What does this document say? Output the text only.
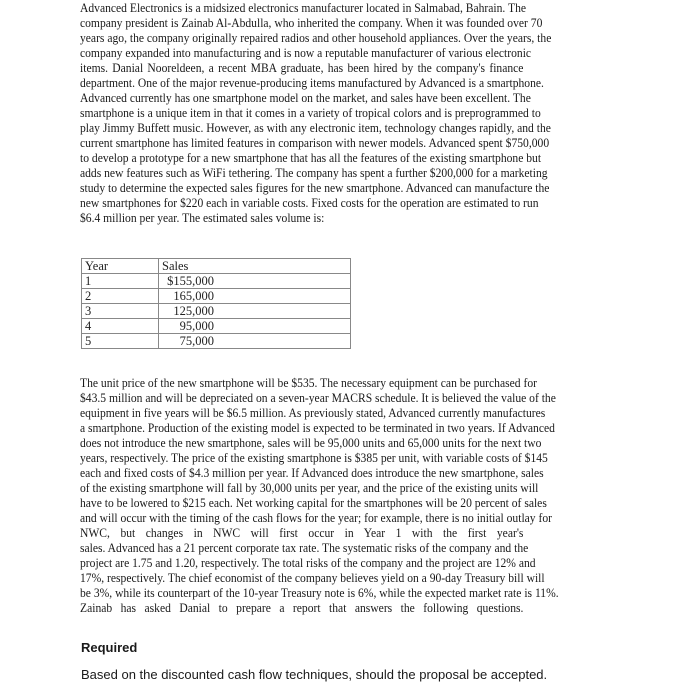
Advanced Electronics is a midsized electronics manufacturer located in Salmabad, Bahrain. The
company president is Zainab Al-Abdulla, who inherited the company. When it was founded over 70
years ago, the company originally repaired radios and other household appliances. Over the years, the
company expanded into manufacturing and is now a reputable manufacturer of various electronic
items. Danial Nooreldeen, a recent MBA graduate, has been hired by the company's finance
department. One of the major revenue-producing items manufactured by Advanced is a smartphone.
Advanced currently has one smartphone model on the market, and sales have been excellent. The
smartphone is a unique item in that it comes in a variety of tropical colors and is preprogrammed to
play Jimmy Buffett music. However, as with any electronic item, technology changes rapidly, and the
current smartphone has limited features in comparison with newer models. Advanced spent $750,000
to develop a prototype for a new smartphone that has all the features of the existing smartphone but
adds new features such as WiFi tethering. The company has spent a further $200,000 for a marketing
study to determine the expected sales figures for the new smartphone. Advanced can manufacture the
new smartphones for $220 each in variable costs. Fixed costs for the operation are estimated to run
$6.4 million per year. The estimated sales volume is:
Year	Sales
1	$155,000
2	165,000
3	125,000
4	95,000
5	75,000
The unit price of the new smartphone will be $535. The necessary equipment can be purchased for
$43.5 million and will be depreciated on a seven-year MACRS schedule. It is believed the value of the
equipment in five years will be $6.5 million. As previously stated, Advanced currently manufactures
a smartphone. Production of the existing model is expected to be terminated in two years. If Advanced
does not introduce the new smartphone, sales will be 95,000 units and 65,000 units for the next two
years, respectively. The price of the existing smartphone is $385 per unit, with variable costs of $145
each and fixed costs of $4.3 million per year. If Advanced does introduce the new smartphone, sales
of the existing smartphone will fall by 30,000 units per year, and the price of the existing units will
have to be lowered to $215 each. Net working capital for the smartphones will be 20 percent of sales
and will occur with the timing of the cash flows for the year; for example, there is no initial outlay for
NWC, but changes in NWC will first occur in Year 1 with the first year's
sales. Advanced has a 21 percent corporate tax rate. The systematic risks of the company and the
project are 1.75 and 1.20, respectively. The total risks of the company and the project are 12% and
17%, respectively. The chief economist of the company believes yield on a 90-day Treasury bill will
be 3%, while its counterpart of the 10-year Treasury note is 6%, while the expected market rate is 11%.
Zainab has asked Danial to prepare a report that answers the following questions.
Required
Based on the discounted cash flow techniques, should the proposal be accepted.
